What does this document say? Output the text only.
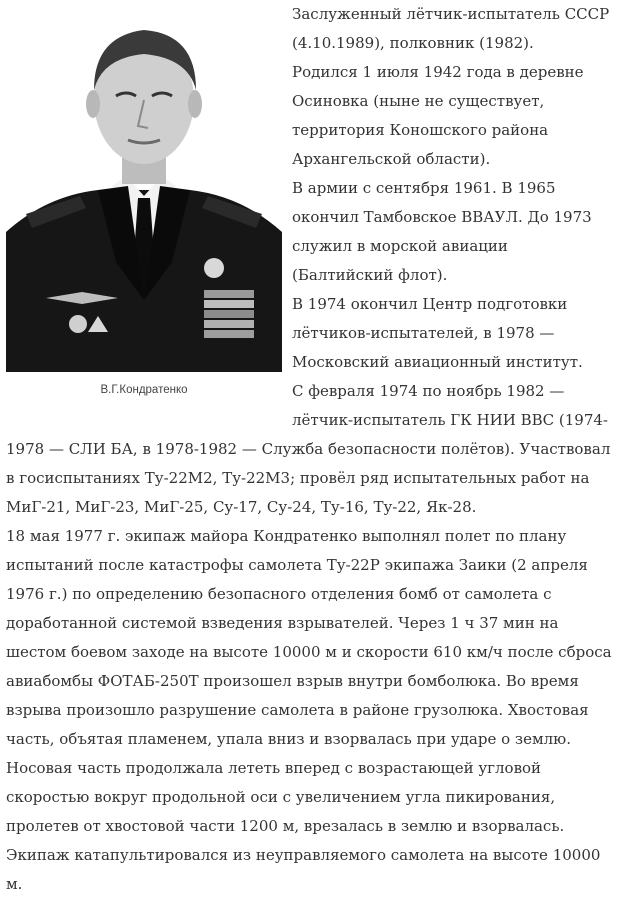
В.Г.Кондратенко

Заслуженный лётчик-испытатель СССР (4.10.1989), полковник (1982).

Родился 1 июля 1942 года в деревне Осиновка (ныне не существует, территория Коношского района Архангельской области).

В армии с сентября 1961. В 1965 окончил Тамбовское ВВАУЛ. До 1973 служил в морской авиации (Балтийский флот).

В 1974 окончил Центр подготовки лётчиков-испытателей, в 1978 — Московский авиационный институт.

С февраля 1974 по ноябрь 1982 — лётчик-испытатель ГК НИИ ВВС (1974-1978 — СЛИ БА, в 1978-1982 — Служба безопасности полётов). Участвовал в госиспытаниях Ту-22М2, Ту-22М3; провёл ряд испытательных работ на МиГ-21, МиГ-23, МиГ-25, Су-17, Су-24, Ту-16, Ту-22, Як-28.

18 мая 1977 г. экипаж майора Кондратенко выполнял полет по плану испытаний после катастрофы самолета Ту-22Р экипажа Заики (2 апреля 1976 г.) по определению безопасного отделения бомб от самолета с доработанной системой взведения взрывателей. Через 1 ч 37 мин на шестом боевом заходе на высоте 10000 м и скорости 610 км/ч после сброса авиабомбы ФОТАБ-250Т произошел взрыв внутри бомболюка. Во время взрыва произошло разрушение самолета в районе грузолюка. Хвостовая часть, объятая пламенем, упала вниз и взорвалась при ударе о землю. Носовая часть продолжала лететь вперед с возрастающей угловой скоростью вокруг продольной оси с увеличением угла пикирования, пролетев от хвостовой части 1200 м, врезалась в землю и взорвалась. Экипаж катапультировался из неуправляемого самолета на высоте 10000 м.
